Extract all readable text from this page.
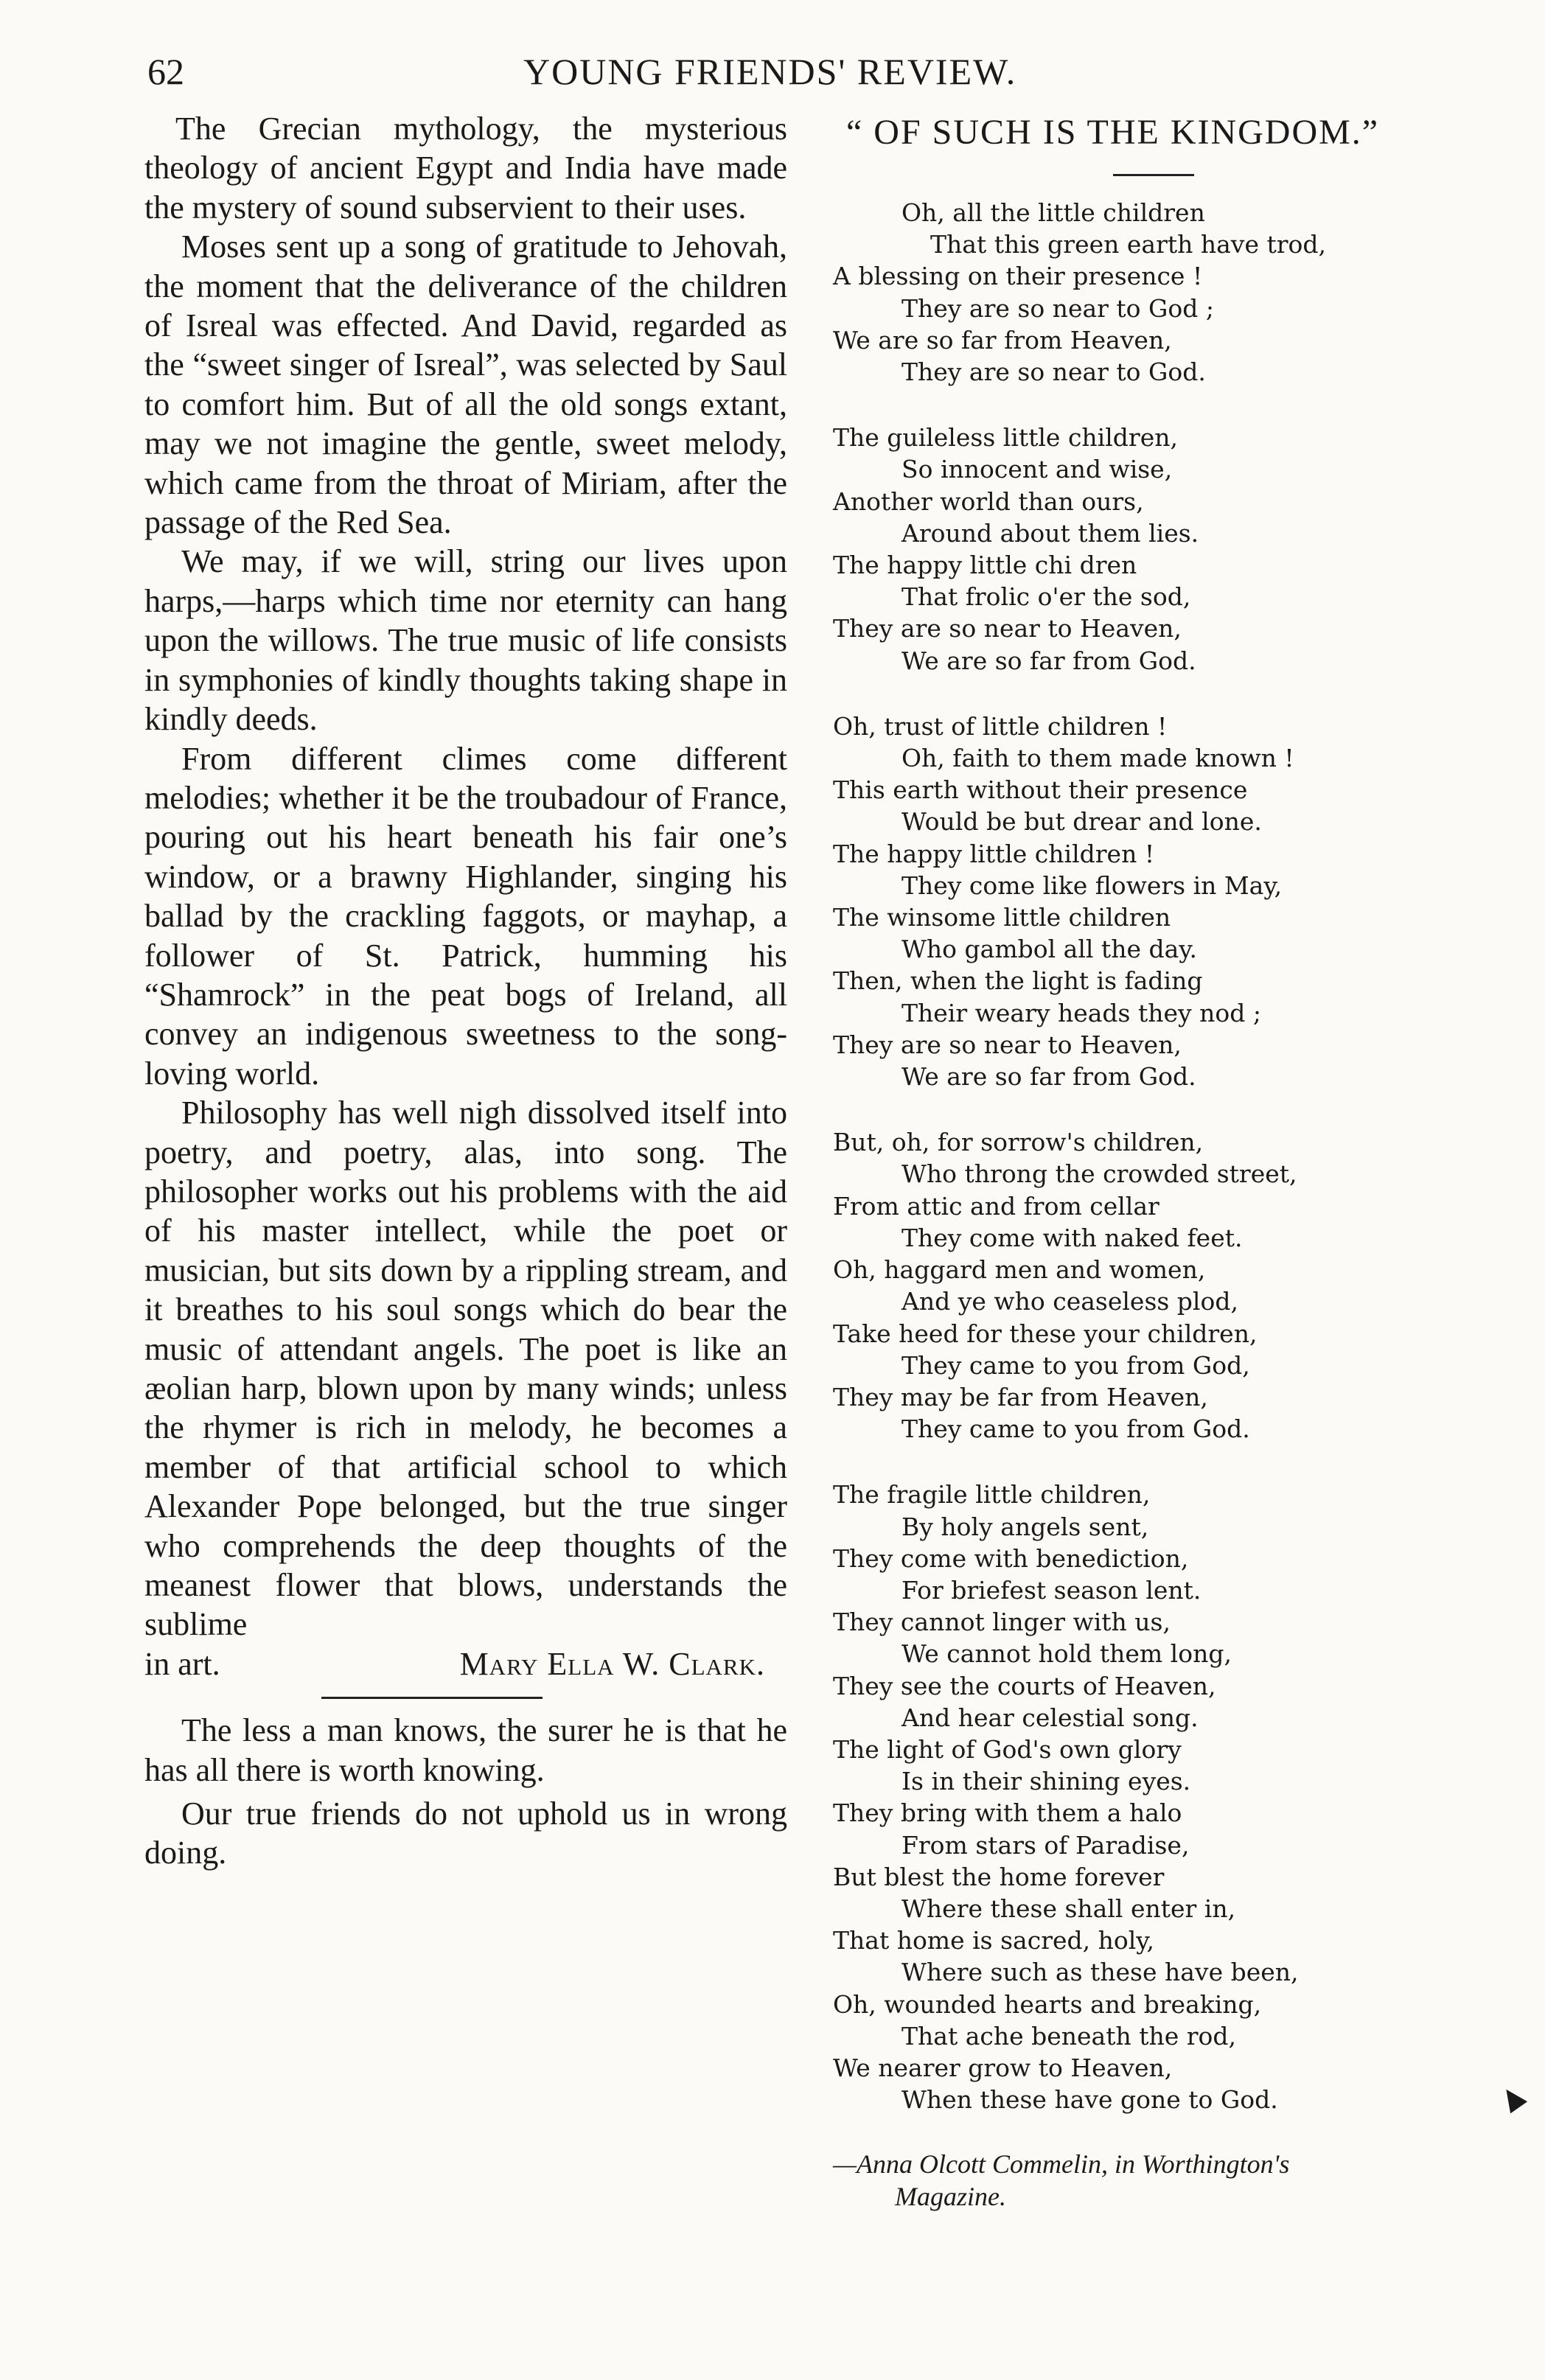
62	YOUNG FRIENDS' REVIEW.

The Grecian mythology, the mysterious theology of ancient Egypt and India have made the mystery of sound subservient to their uses.

Moses sent up a song of gratitude to Jehovah, the moment that the deliverance of the children of Isreal was effected. And David, regarded as the “sweet singer of Isreal”, was selected by Saul to comfort him. But of all the old songs extant, may we not imagine the gentle, sweet melody, which came from the throat of Miriam, after the passage of the Red Sea.

We may, if we will, string our lives upon harps,—harps which time nor eternity can hang upon the willows. The true music of life consists in symphonies of kindly thoughts taking shape in kindly deeds.

From different climes come different melodies; whether it be the troubadour of France, pouring out his heart beneath his fair one’s window, or a brawny Highlander, singing his ballad by the crackling faggots, or mayhap, a follower of St. Patrick, humming his “Shamrock” in the peat bogs of Ireland, all convey an indigenous sweetness to the song-loving world.

Philosophy has well nigh dissolved itself into poetry, and poetry, alas, into song. The philosopher works out his problems with the aid of his master intellect, while the poet or musician, but sits down by a rippling stream, and it breathes to his soul songs which do bear the music of attendant angels. The poet is like an æolian harp, blown upon by many winds; unless the rhymer is rich in melody, he becomes a member of that artificial school to which Alexander Pope belonged, but the true singer who comprehends the deep thoughts of the meanest flower that blows, understands the sublime

in art.	Mary Ella W. Clark.

The less a man knows, the surer he is that he has all there is worth knowing.

Our true friends do not uphold us in wrong doing.

“ OF SUCH IS THE KINGDOM.”
Oh, all the little children
That this green earth have trod,
A blessing on their presence !
They are so near to God ;
We are so far from Heaven,
They are so near to God.
The guileless little children,
So innocent and wise,
Another world than ours,
Around about them lies.
The happy little chi dren
That frolic o'er the sod,
They are so near to Heaven,
We are so far from God.
Oh, trust of little children !
Oh, faith to them made known !
This earth without their presence
Would be but drear and lone.
The happy little children !
They come like flowers in May,
The winsome little children
Who gambol all the day.
Then, when the light is fading
Their weary heads they nod ;
They are so near to Heaven,
We are so far from God.
But, oh, for sorrow's children,
Who throng the crowded street,
From attic and from cellar
They come with naked feet.
Oh, haggard men and women,
And ye who ceaseless plod,
Take heed for these your children,
They came to you from God,
They may be far from Heaven,
They came to you from God.
The fragile little children,
By holy angels sent,
They come with benediction,
For briefest season lent.
They cannot linger with us,
We cannot hold them long,
They see the courts of Heaven,
And hear celestial song.
The light of God's own glory
Is in their shining eyes.
They bring with them a halo
From stars of Paradise,
But blest the home forever
Where these shall enter in,
That home is sacred, holy,
Where such as these have been,
Oh, wounded hearts and breaking,
That ache beneath the rod,
We nearer grow to Heaven,
When these have gone to God.
—Anna Olcott Commelin, in Worthington's
Magazine.
